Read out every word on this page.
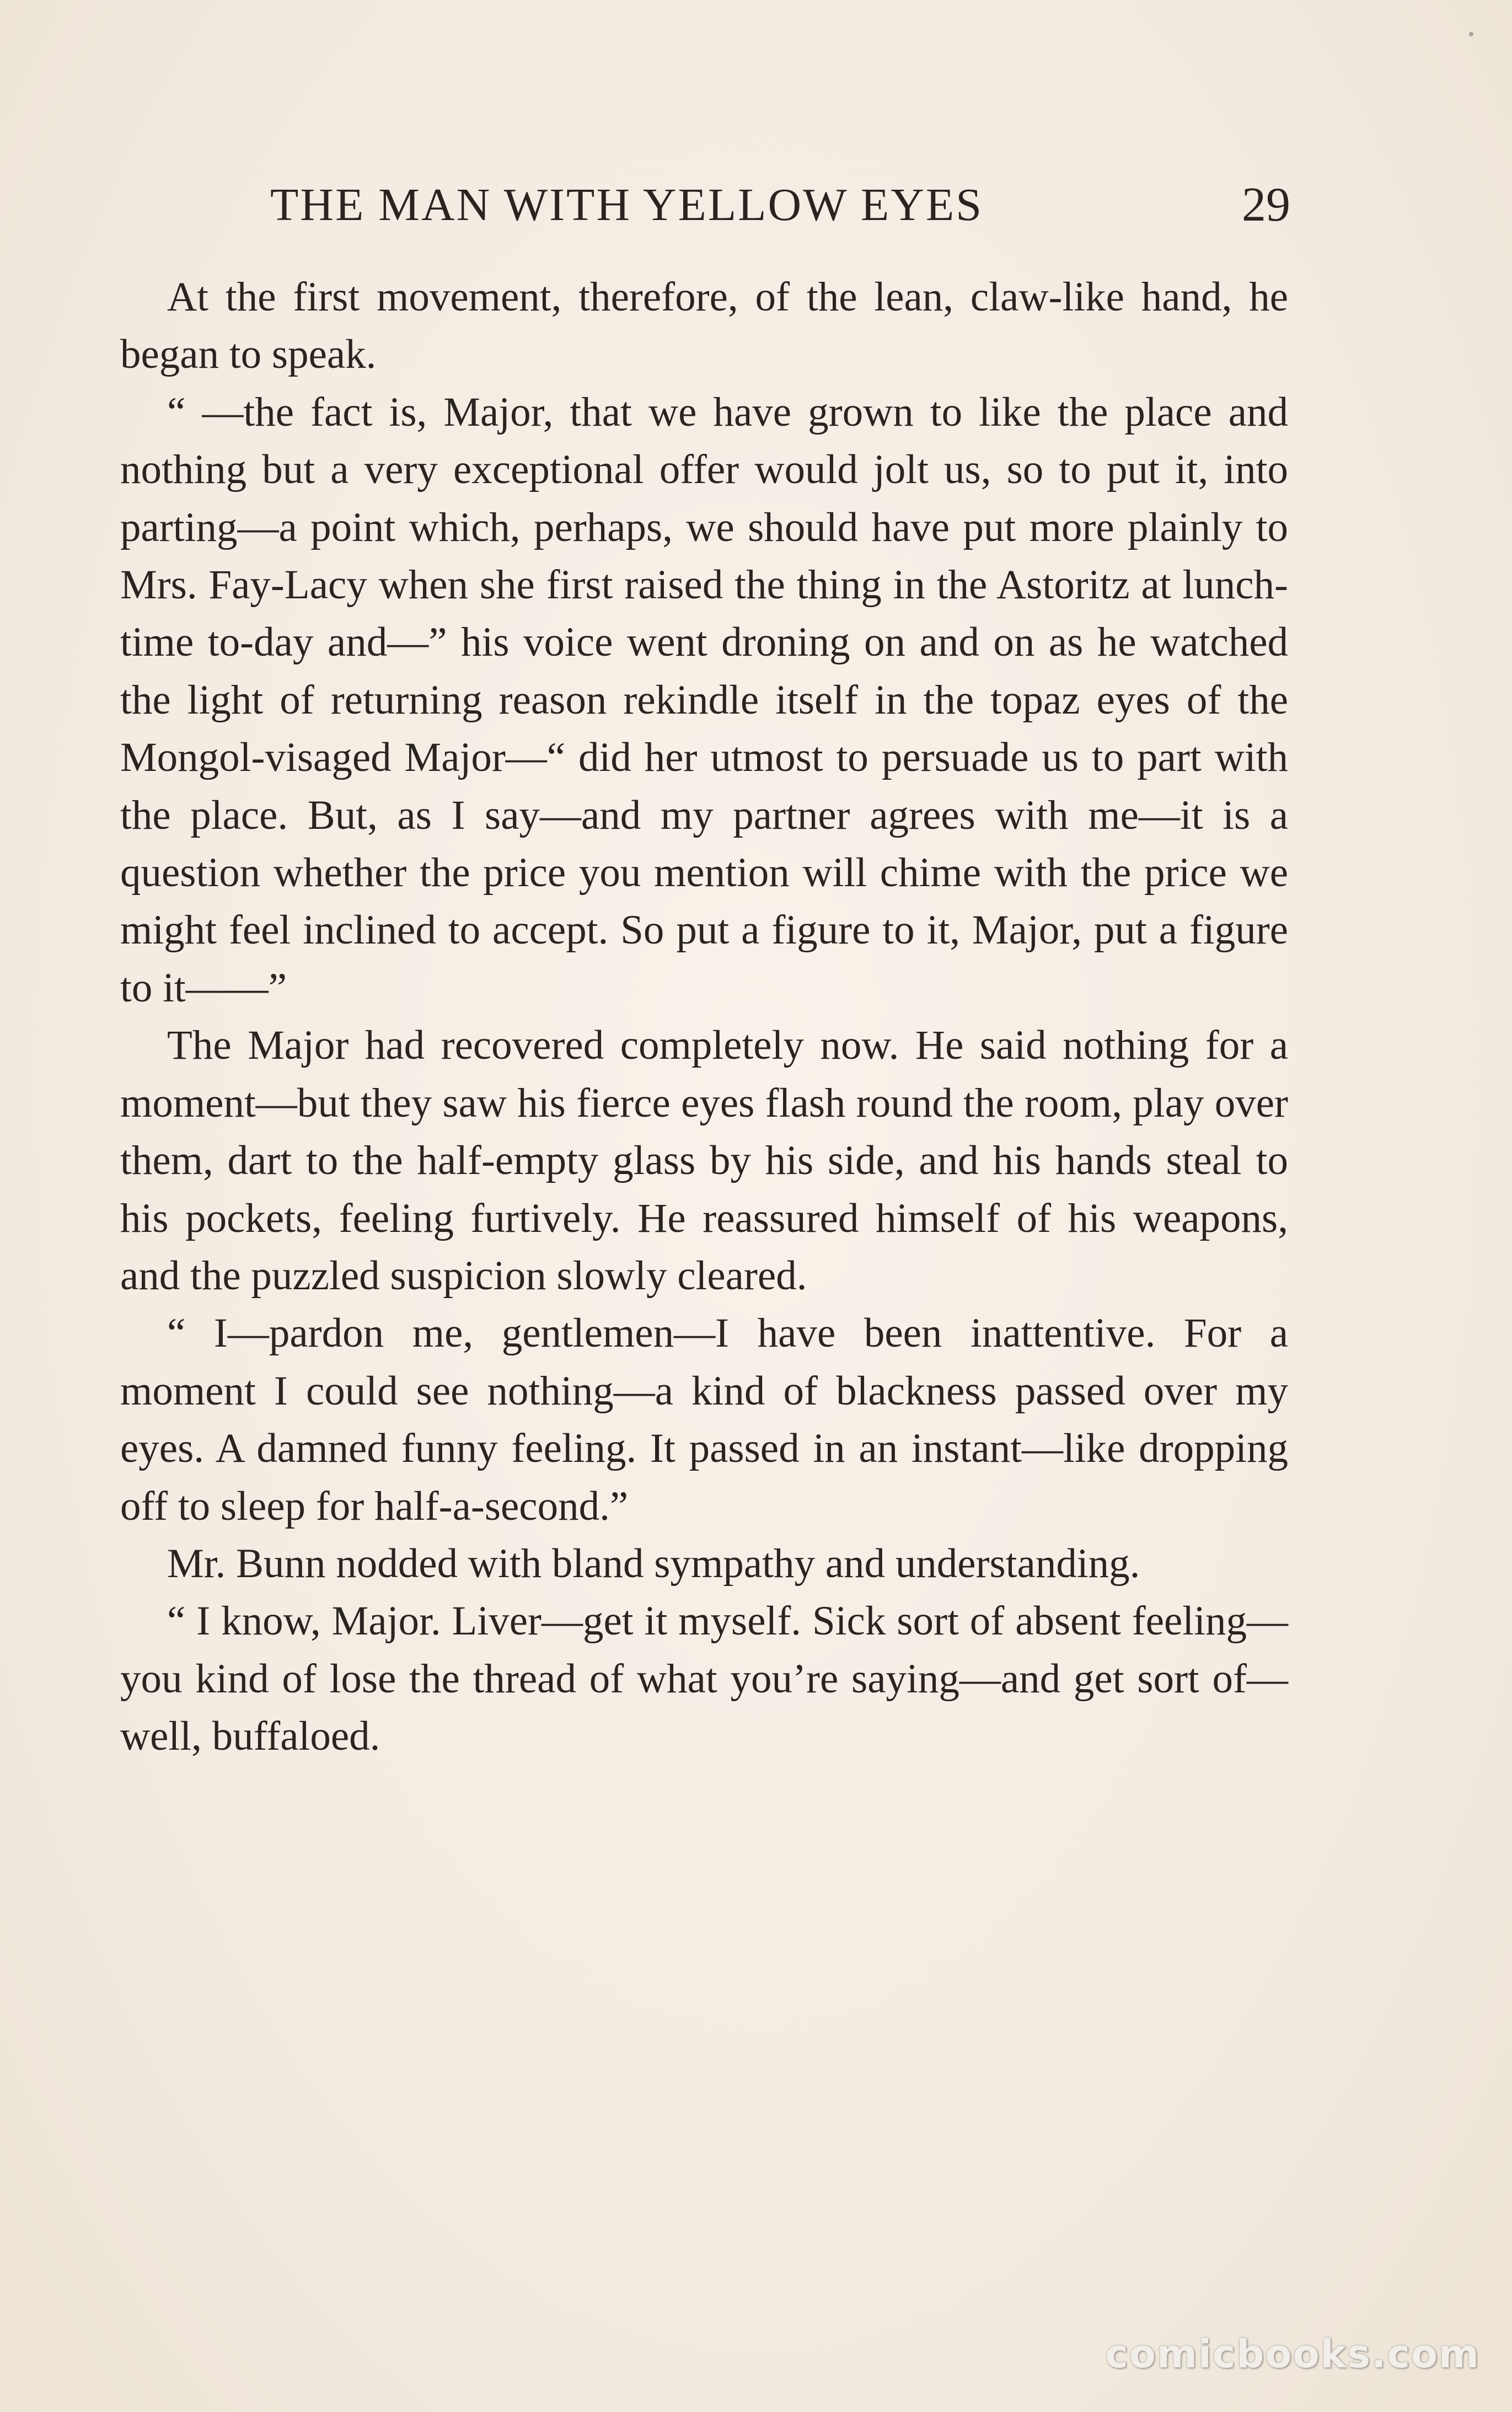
THE MAN WITH YELLOW EYES	29

At the first movement, therefore, of the lean, claw-like hand, he began to speak.

“ —the fact is, Major, that we have grown to like the place and nothing but a very exceptional offer would jolt us, so to put it, into parting—a point which, perhaps, we should have put more plainly to Mrs. Fay-Lacy when she first raised the thing in the Astoritz at lunch-time to-day and—” his voice went droning on and on as he watched the light of returning reason rekindle itself in the topaz eyes of the Mongol-visaged Major—“ did her utmost to persuade us to part with the place. But, as I say—and my partner agrees with me—it is a question whether the price you mention will chime with the price we might feel inclined to accept. So put a figure to it, Major, put a figure to it——”

The Major had recovered completely now. He said nothing for a moment—but they saw his fierce eyes flash round the room, play over them, dart to the half-empty glass by his side, and his hands steal to his pockets, feeling furtively. He reassured himself of his weapons, and the puzzled suspicion slowly cleared.

“ I—pardon me, gentlemen—I have been inattentive. For a moment I could see nothing—a kind of blackness passed over my eyes. A damned funny feeling. It passed in an instant—like dropping off to sleep for half-a-second.”

Mr. Bunn nodded with bland sympathy and understanding.

“ I know, Major. Liver—get it myself. Sick sort of absent feeling—you kind of lose the thread of what you’re saying—and get sort of—well, buffaloed.

comicbooks.com
